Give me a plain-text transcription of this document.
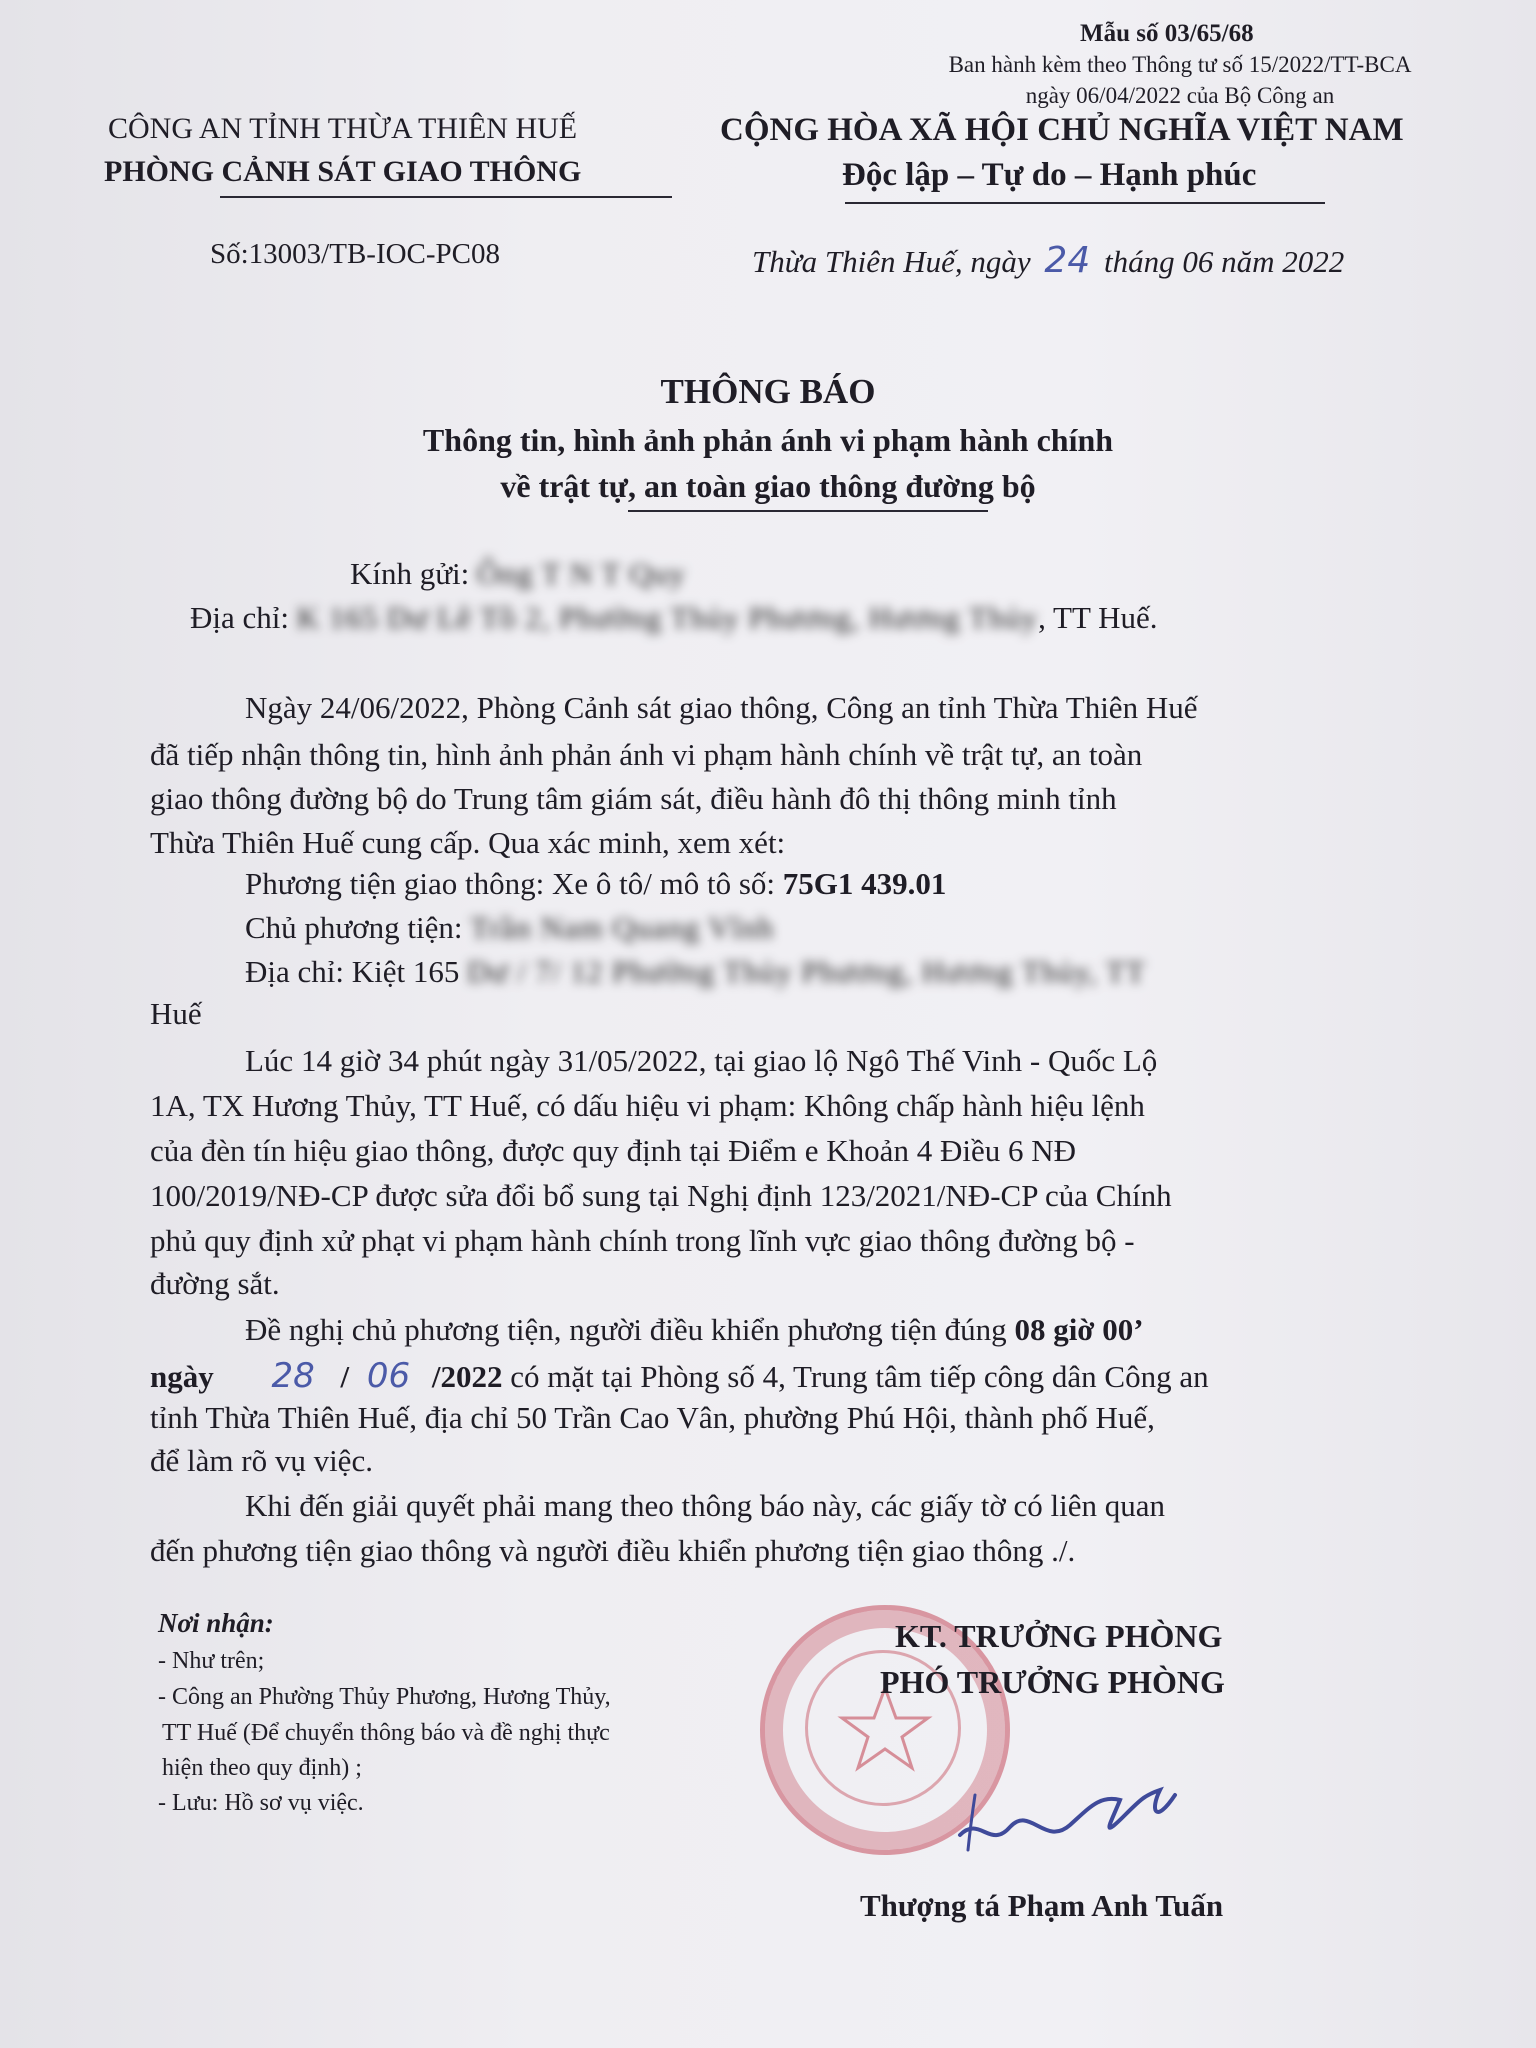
Mẫu số 03/65/68
Ban hành kèm theo Thông tư số 15/2022/TT-BCA
ngày 06/04/2022 của Bộ Công an
CÔNG AN TỈNH THỪA THIÊN HUẾ
PHÒNG CẢNH SÁT GIAO THÔNG
CỘNG HÒA XÃ HỘI CHỦ NGHĨA VIỆT NAM
Độc lập – Tự do – Hạnh phúc
Số:13003/TB-IOC-PC08	Thừa Thiên Huế, ngày 24 tháng 06 năm 2022
THÔNG BÁO
Thông tin, hình ảnh phản ánh vi phạm hành chính
về trật tự, an toàn giao thông đường bộ
Kính gửi: Ông T N T Quy
Địa chỉ: K 165 Dư Lê Tồ 2, Phường Thủy Phương, Hương Thủy, TT Huế.
Ngày 24/06/2022, Phòng Cảnh sát giao thông, Công an tỉnh Thừa Thiên Huế
đã tiếp nhận thông tin, hình ảnh phản ánh vi phạm hành chính về trật tự, an toàn
giao thông đường bộ do Trung tâm giám sát, điều hành đô thị thông minh tỉnh
Thừa Thiên Huế cung cấp. Qua xác minh, xem xét:
Phương tiện giao thông: Xe ô tô/ mô tô số: 75G1 439.01
Chủ phương tiện: Trần Nam Quang Vĩnh
Địa chỉ: Kiệt 165 Dư / 7/ 12 Phường Thủy Phương, Hương Thủy, TT
Huế
Lúc 14 giờ 34 phút ngày 31/05/2022, tại giao lộ Ngô Thế Vinh - Quốc Lộ
1A, TX Hương Thủy, TT Huế, có dấu hiệu vi phạm: Không chấp hành hiệu lệnh
của đèn tín hiệu giao thông, được quy định tại Điểm e Khoản 4 Điều 6 NĐ
100/2019/NĐ-CP được sửa đổi bổ sung tại Nghị định 123/2021/NĐ-CP của Chính
phủ quy định xử phạt vi phạm hành chính trong lĩnh vực giao thông đường bộ -
đường sắt.
Đề nghị chủ phương tiện, người điều khiển phương tiện đúng 08 giờ 00’
ngày 28 / 06 /2022 có mặt tại Phòng số 4, Trung tâm tiếp công dân Công an
tỉnh Thừa Thiên Huế, địa chỉ 50 Trần Cao Vân, phường Phú Hội, thành phố Huế,
để làm rõ vụ việc.
Khi đến giải quyết phải mang theo thông báo này, các giấy tờ có liên quan
đến phương tiện giao thông và người điều khiển phương tiện giao thông ./.
Nơi nhận:
- Như trên;
- Công an Phường Thủy Phương, Hương Thủy,
TT Huế (Để chuyển thông báo và đề nghị thực
hiện theo quy định) ;
- Lưu: Hồ sơ vụ việc.
KT. TRƯỞNG PHÒNG
PHÓ TRƯỞNG PHÒNG
Thượng tá Phạm Anh Tuấn
